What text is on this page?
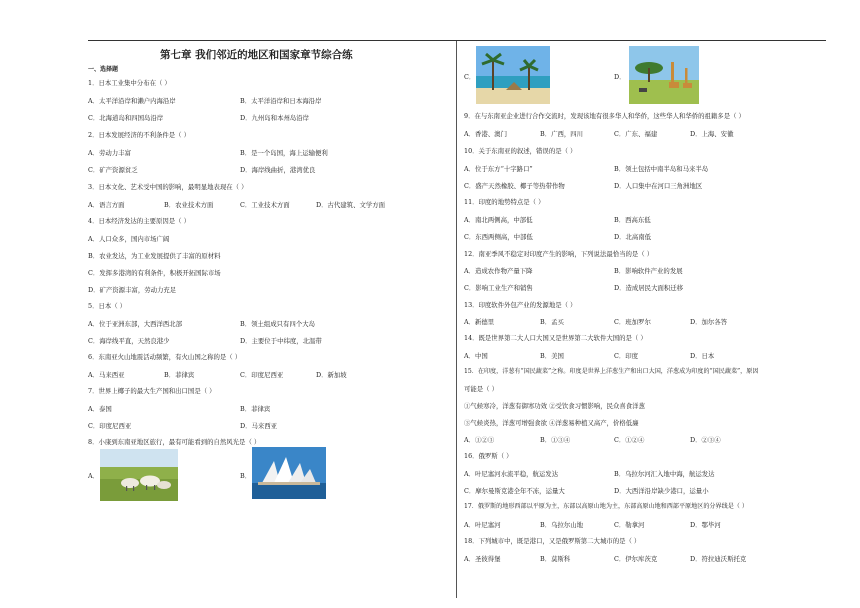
第七章 我们邻近的地区和国家章节综合练
一、选择题
1．日本工业集中分布在（ ）
A．太平洋沿岸和濑户内海沿岸	B．太平洋沿岸和日本海沿岸
C．北海道岛和四国岛沿岸	D．九州岛和本州岛沿岸
2．日本发展经济的不利条件是（ ）
A．劳动力丰富	B．是一个岛国，海上运输便利
C．矿产资源贫乏	D．海岸线曲折，港湾优良
3．日本文化、艺术受中国的影响，最明显地表现在（ ）
A．语言方面	B．农业技术方面	C．工业技术方面	D．古代建筑、文学方面
4．日本经济发达的主要原因是（ ）
A．人口众多，国内市场广阔
B．农业发达，为工业发展提供了丰富的原材料
C．发挥多港湾的有利条件，积极开拓国际市场
D．矿产资源丰富，劳动力充足
5．日本（ ）
A．位于亚洲东部，大西洋西北部	B．领土组成只有四个大岛
C．海岸线平直，天然良港少	D．主要位于中纬度，北温带
6．东南亚火山地震活动频繁，有火山国之称的是（ ）
A．马来西亚	B．菲律宾	C．印度尼西亚	D．新加坡
7．世界上椰子的最大生产国和出口国是（ ）
A．泰国	B．菲律宾
C．印度尼西亚	D．马来西亚
8．小康到东南亚地区旅行，最有可能看到的自然风光是（ ）
A．	B．
C．	D．
9．在与东南亚企业进行合作交流时，发现该地有很多华人和华侨，这些华人和华侨的祖籍多是（ ）
A．香港、澳门	B．广西，四川	C．广东、福建	D．上海、安徽
10．关于东南亚的叙述，错误的是（ ）
A．位于东方“十字路口”	B．领土包括中南半岛和马来半岛
C．盛产天然橡胶、椰子等热带作物	D．人口集中在河口三角洲地区
11．印度的地势特点是（ ）
A．南北两侧高，中部低	B．西高东低
C．东西两侧高，中部低	D．北高南低
12．南亚季风不稳定对印度产生的影响，下列说法最恰当的是（ ）
A．造成农作物产量下降	B．影响软件产业的发展
C．影响工业生产和销售	D．造成居民大面积迁移
13．印度软件外包产业的发源地是（ ）
A．新德里	B．孟买	C．班加罗尔	D．加尔各答
14．既是世界第二大人口大国又是世界第二大软件大国的是（ ）
A．中国	B．美国	C．印度	D．日本
15．在印度，洋葱有“国民蔬菜”之称。印度是世界上洋葱生产和出口大国，洋葱成为印度的“国民蔬菜”，原因
可能是（ ）
①气候寒冷，洋葱有御寒功效 ②受饮食习惯影响，民众喜食洋葱
③气候炎热，洋葱可增强食欲 ④洋葱易种植又高产，价格低廉
A．①②③	B．①③④	C．①②④	D．②③④
16．俄罗斯（ ）
A．叶尼塞河水流平稳，航运发达	B．乌拉尔河汇入地中海，航运发达
C．摩尔曼斯克港全年不冻，运量大	D．大西洋沿岸缺少港口，运量小
17．俄罗斯的地形西部以平原为主，东部以高原山地为主，东部高原山地和西部平原地区的分界线是（ ）
A．叶尼塞河	B．乌拉尔山地	C．勒拿河	D．鄂毕河
18．下列城市中，既是港口，又是俄罗斯第二大城市的是（ ）
A．圣彼得堡	B．莫斯科	C．伊尔库茨克	D．符拉迪沃斯托克
